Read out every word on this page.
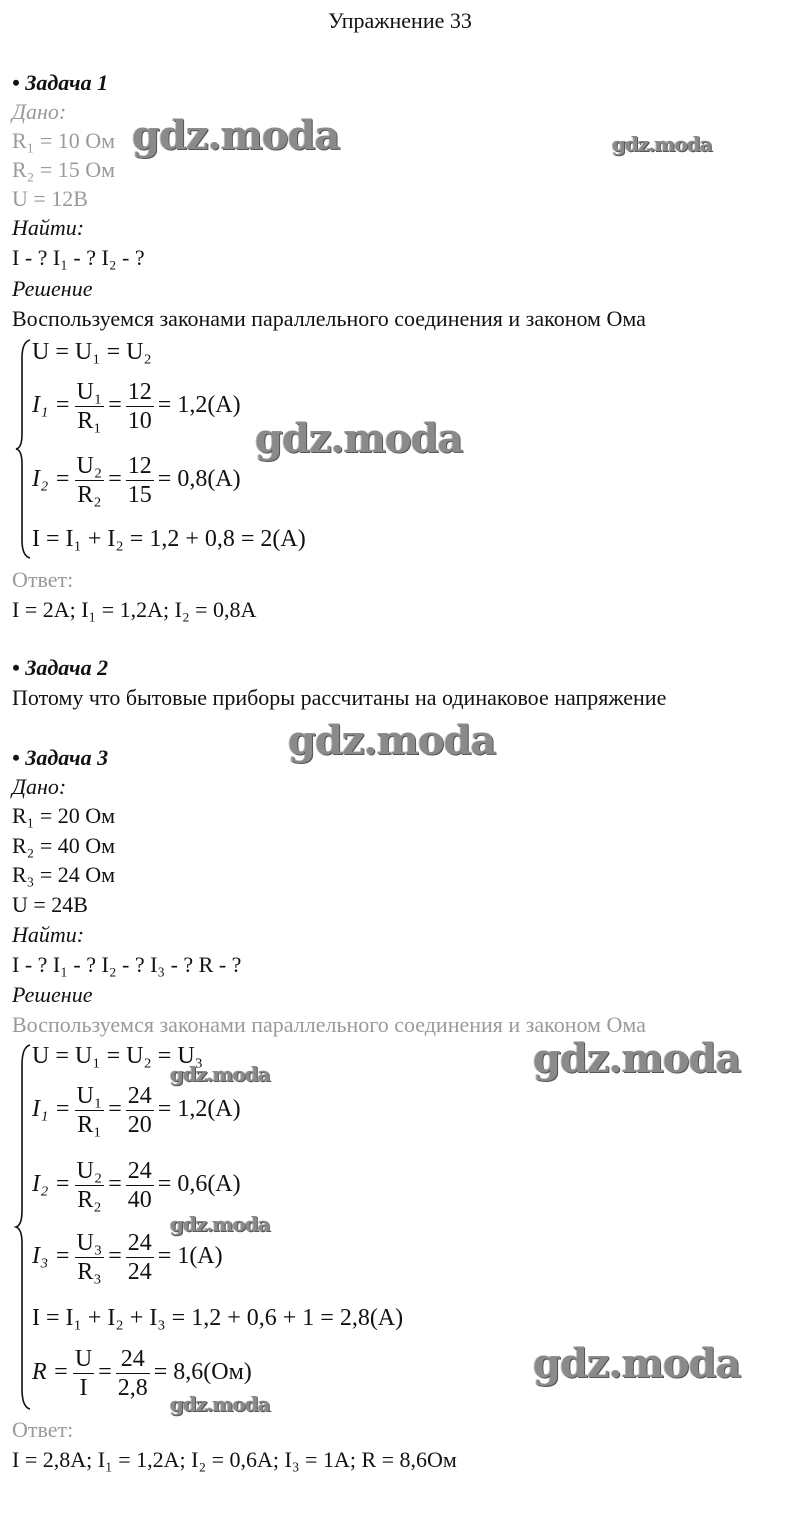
Упражнение 33
• Задача 1
Дано:
R₁ = 10 Ом
R₂ = 15 Ом
U = 12В
Найти:
I - ? I₁ - ? I₂ - ?
Решение
Воспользуемся законами параллельного соединения и законом Ома
U = U₁ = U₂
$I_1 = \frac{\text{U₁}}{\text{R₁}} = \frac{12}{10} = 1,2(A)$
$I_2 = \frac{\text{U₂}}{\text{R₂}} = \frac{12}{15} = 0,8(A)$
I = I₁ + I₂ = 1,2 + 0,8 = 2(A)
Ответ:
I = 2A; I₁ = 1,2A; I₂ = 0,8A
• Задача 2
Потому что бытовые приборы рассчитаны на одинаковое напряжение
• Задача 3
Дано:
R₁ = 20 Ом
R₂ = 40 Ом
R₃ = 24 Ом
U = 24В
Найти:
I - ? I₁ - ? I₂ - ? I₃ - ? R - ?
Решение
Воспользуемся законами параллельного соединения и законом Ома
U = U₁ = U₂ = U₃
$I_1 = \frac{\text{U₁}}{\text{R₁}} = \frac{24}{20} = 1,2(A)$
$I_2 = \frac{\text{U₂}}{\text{R₂}} = \frac{24}{40} = 0,6(A)$
$I_3 = \frac{\text{U₃}}{\text{R₃}} = \frac{24}{24} = 1(A)$
I = I₁ + I₂ + I₃ = 1,2 + 0,6 + 1 = 2,8(A)
$R = \frac{U}{I} = \frac{24}{2,8} = 8,6(Ом)$
Ответ:
I = 2,8A; I₁ = 1,2A; I₂ = 0,6A; I₃ = 1A; R = 8,6Ом
gdz.moda	gdz.moda
gdz.moda
gdz.moda
gdz.moda
gdz.moda
gdz.moda
gdz.moda
gdz.moda
